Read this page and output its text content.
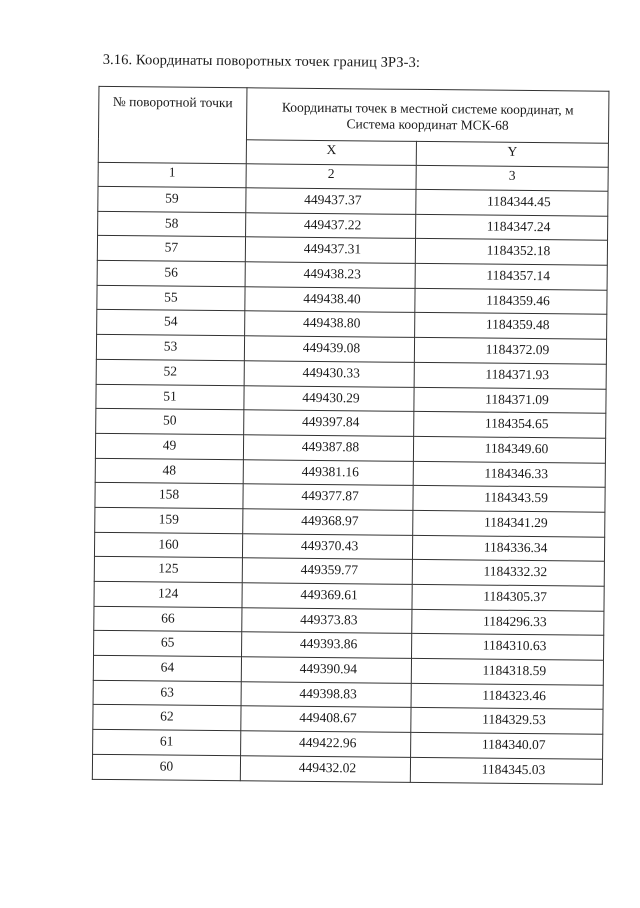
3.16. Координаты поворотных точек границ ЗРЗ-3:
№ поворотной точки	Координаты точек в местной системе координат, м
Система координат МСК-68	

	X	Y
1	2	3
59	449437.37	1184344.45
58	449437.22	1184347.24
57	449437.31	1184352.18
56	449438.23	1184357.14
55	449438.40	1184359.46
54	449438.80	1184359.48
53	449439.08	1184372.09
52	449430.33	1184371.93
51	449430.29	1184371.09
50	449397.84	1184354.65
49	449387.88	1184349.60
48	449381.16	1184346.33
158	449377.87	1184343.59
159	449368.97	1184341.29
160	449370.43	1184336.34
125	449359.77	1184332.32
124	449369.61	1184305.37
66	449373.83	1184296.33
65	449393.86	1184310.63
64	449390.94	1184318.59
63	449398.83	1184323.46
62	449408.67	1184329.53
61	449422.96	1184340.07
60	449432.02	1184345.03
